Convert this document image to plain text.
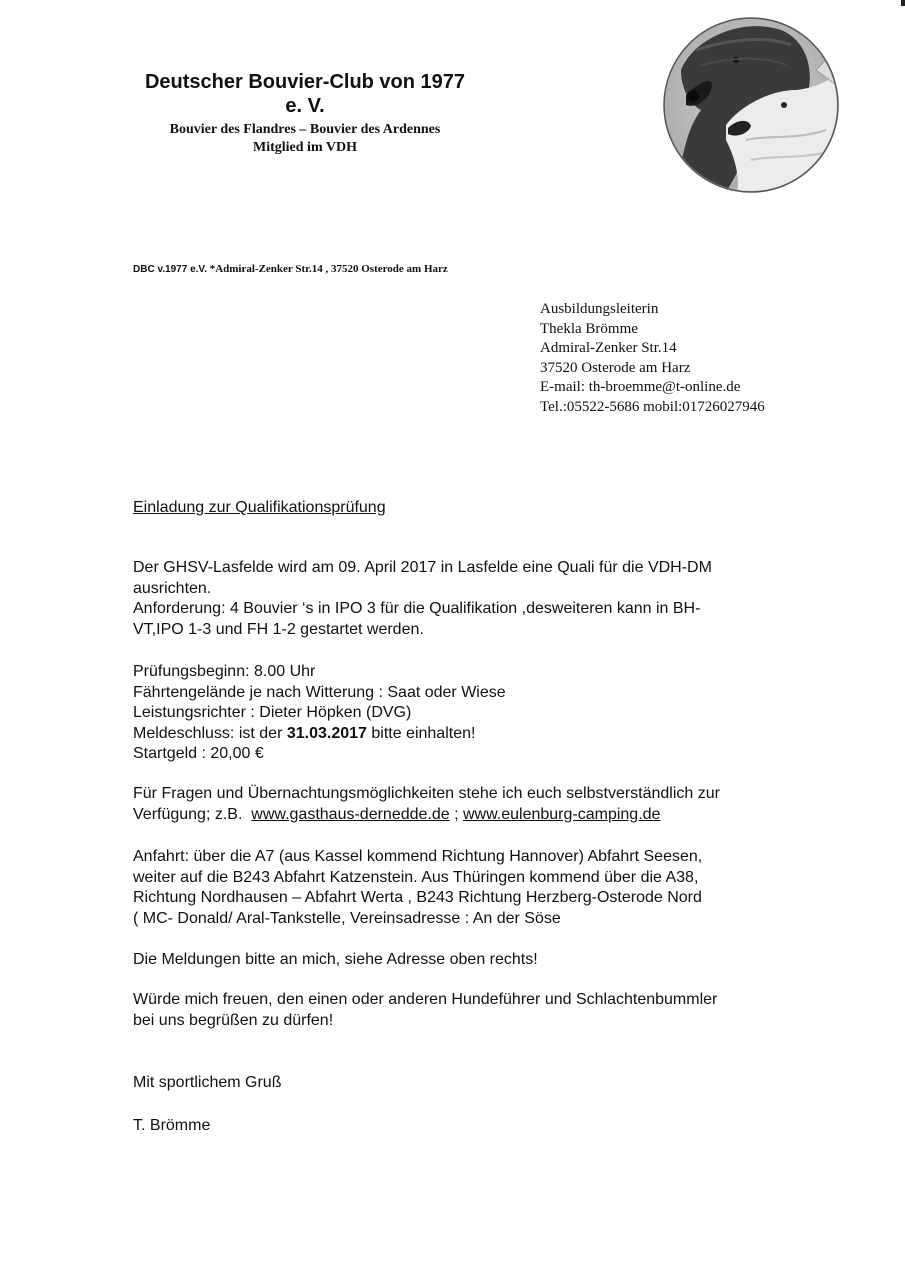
Deutscher Bouvier-Club von 1977
e. V.
Bouvier des Flandres – Bouvier des Ardennes
Mitglied im VDH
DBC v.1977 e.V. *Admiral-Zenker Str.14 , 37520 Osterode am Harz
Ausbildungsleiterin
Thekla Brömme
Admiral-Zenker Str.14
37520 Osterode am Harz
E-mail: th-broemme@t-online.de
Tel.:05522-5686 mobil:01726027946
Einladung zur Qualifikationsprüfung
Der GHSV-Lasfelde wird am 09. April 2017 in Lasfelde eine Quali für die VDH-DM
ausrichten.
Anforderung: 4 Bouvier ‘s in IPO 3 für die Qualifikation ,desweiteren kann in BH-
VT,IPO 1-3 und FH 1-2 gestartet werden.
Prüfungsbeginn: 8.00 Uhr
Fährtengelände je nach Witterung : Saat oder Wiese
Leistungsrichter : Dieter Höpken (DVG)
Meldeschluss: ist der 31.03.2017 bitte einhalten!
Startgeld : 20,00 €
Für Fragen und Übernachtungsmöglichkeiten stehe ich euch selbstverständlich zur
Verfügung; z.B. www.gasthaus-dernedde.de ; www.eulenburg-camping.de
Anfahrt: über die A7 (aus Kassel kommend Richtung Hannover) Abfahrt Seesen,
weiter auf die B243 Abfahrt Katzenstein. Aus Thüringen kommend über die A38,
Richtung Nordhausen – Abfahrt Werta , B243 Richtung Herzberg-Osterode Nord
( MC- Donald/ Aral-Tankstelle, Vereinsadresse : An der Söse
Die Meldungen bitte an mich, siehe Adresse oben rechts!
Würde mich freuen, den einen oder anderen Hundeführer und Schlachtenbummler
bei uns begrüßen zu dürfen!
Mit sportlichem Gruß
T. Brömme
